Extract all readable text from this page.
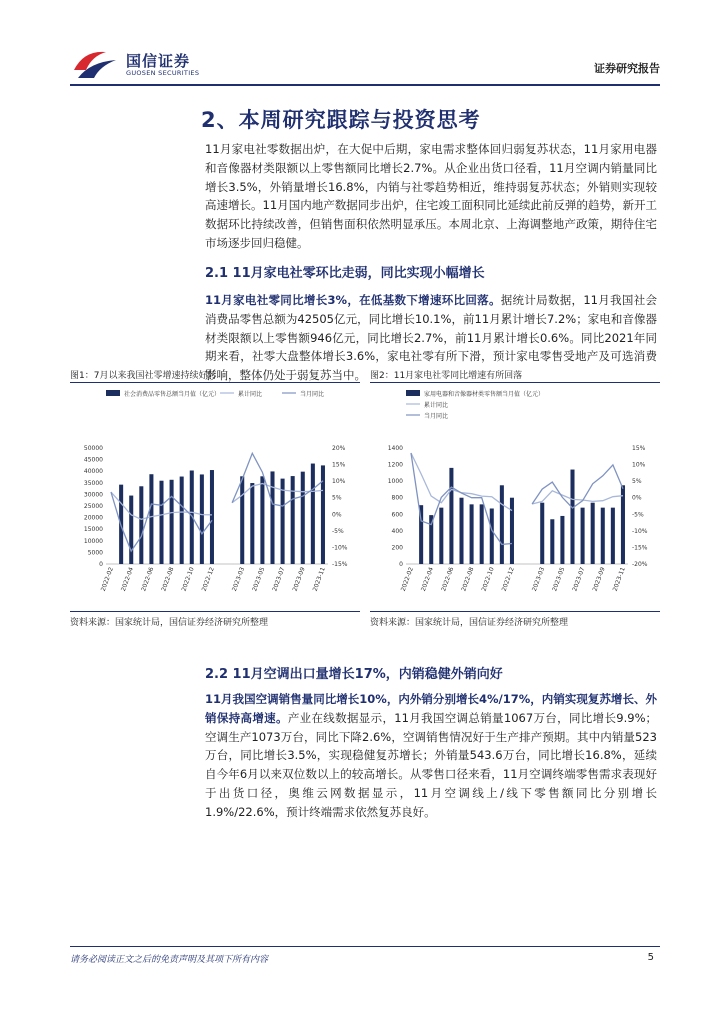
国信证券
GUOSEN SECURITIES	证券研究报告
2、本周研究跟踪与投资思考
11月家电社零数据出炉，在大促中后期，家电需求整体回归弱复苏状态，11月家用电器和音像器材类限额以上零售额同比增长2.7%。从企业出货口径看，11月空调内销量同比增长3.5%，外销量增长16.8%，内销与社零趋势相近，维持弱复苏状态；外销则实现较高速增长。11月国内地产数据同步出炉，住宅竣工面积同比延续此前反弹的趋势，新开工数据环比持续改善，但销售面积依然明显承压。本周北京、上海调整地产政策，期待住宅市场逐步回归稳健。
2.1 11月家电社零环比走弱，同比实现小幅增长
11月家电社零同比增长3%，在低基数下增速环比回落。据统计局数据，11月我国社会消费品零售总额为42505亿元，同比增长10.1%，前11月累计增长7.2%；家电和音像器材类限额以上零售额946亿元，同比增长2.7%，前11月累计增长0.6%。同比2021年同期来看，社零大盘整体增长3.6%，家电社零有所下滑，预计家电零售受地产及可选消费影响，整体仍处于弱复苏当中。
图1：7月以来我国社零增速持续好转
社会消费品零售总额当月值（亿元）	累计同比	当月同比
0
5000
10000
15000
20000
25000
30000
35000
40000
45000
50000
-15%
-10%
-5%
0%
5%
10%
15%
20%
2022-02 2022-04 2022-06 2022-08 2022-10 2022-12	2023-03 2023-05 2023-07 2023-09 2023-11
资料来源：国家统计局，国信证券经济研究所整理
图2：11月家电社零同比增速有所回落
家用电器和音像器材类零售额当月值（亿元）
累计同比
当月同比
0
200
400
600
800
1000
1200
1400
-20%
-15%
-10%
-5%
0%
5%
10%
15%
2022-02 2022-04 2022-06 2022-08 2022-10 2022-12	2023-03 2023-05 2023-07 2023-09 2023-11
资料来源：国家统计局，国信证券经济研究所整理
2.2 11月空调出口量增长17%，内销稳健外销向好
11月我国空调销售量同比增长10%，内外销分别增长4%/17%，内销实现复苏增长、外销保持高增速。产业在线数据显示，11月我国空调总销量1067万台，同比增长9.9%；空调生产1073万台，同比下降2.6%，空调销售情况好于生产排产预期。其中内销量523万台，同比增长3.5%，实现稳健复苏增长；外销量543.6万台，同比增长16.8%，延续自今年6月以来双位数以上的较高增长。从零售口径来看，11月空调终端零售需求表现好于出货口径，奥维云网数据显示，11月空调线上/线下零售额同比分别增长1.9%/22.6%，预计终端需求依然复苏良好。
请务必阅读正文之后的免责声明及其项下所有内容	5
